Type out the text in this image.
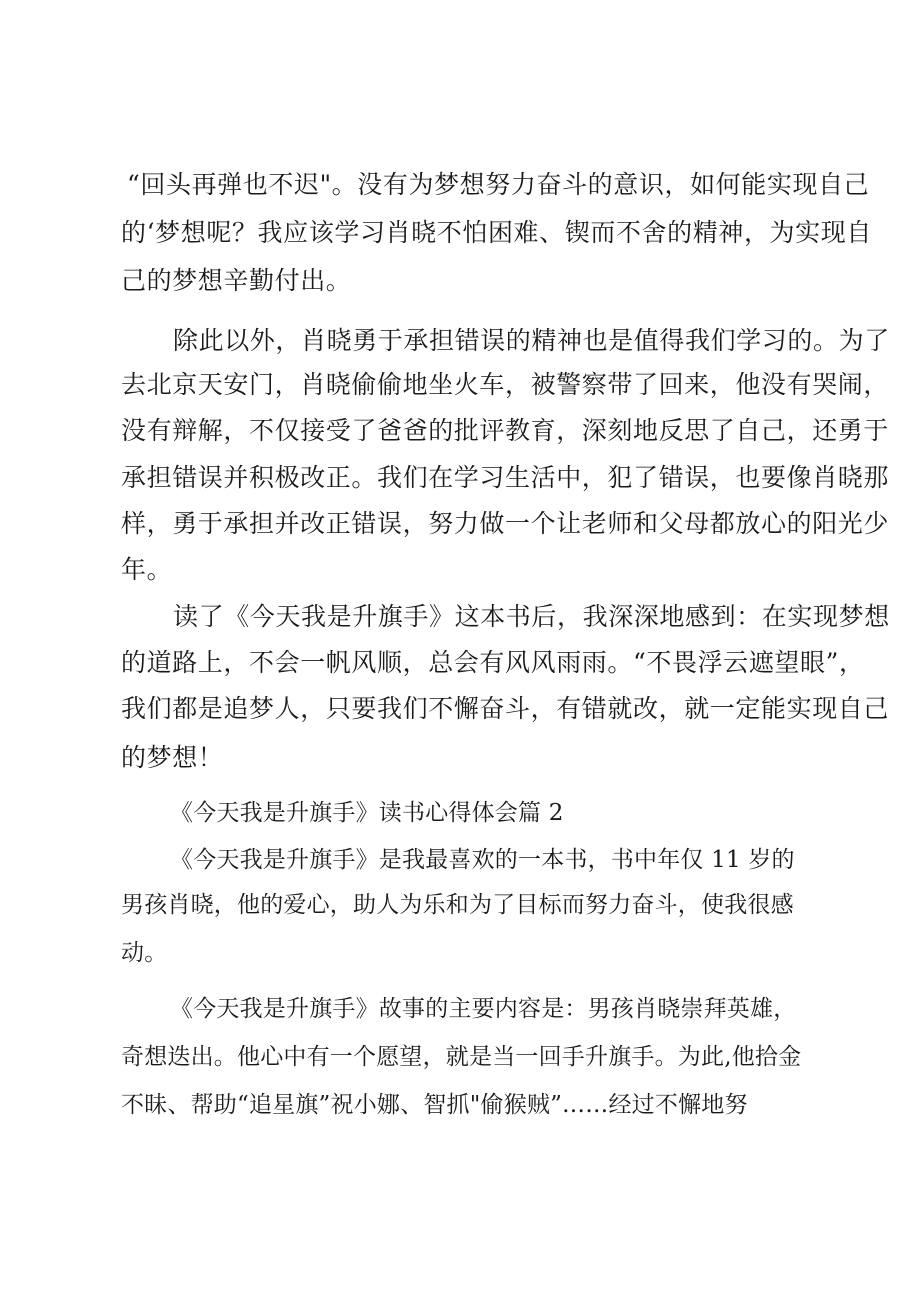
“回头再弹也不迟"。没有为梦想努力奋斗的意识，如何能实现自己
的‘梦想呢？我应该学习肖晓不怕困难、锲而不舍的精神，为实现自
己的梦想辛勤付出。
除此以外，肖晓勇于承担错误的精神也是值得我们学习的。为了
去北京天安门，肖晓偷偷地坐火车，被警察带了回来，他没有哭闹，
没有辩解，不仅接受了爸爸的批评教育，深刻地反思了自己，还勇于
承担错误并积极改正。我们在学习生活中，犯了错误，也要像肖晓那
样，勇于承担并改正错误，努力做一个让老师和父母都放心的阳光少
年。
读了《今天我是升旗手》这本书后，我深深地感到：在实现梦想
的道路上，不会一帆风顺，总会有风风雨雨。“不畏浮云遮望眼”，
我们都是追梦人，只要我们不懈奋斗，有错就改，就一定能实现自己
的梦想！
《今天我是升旗手》读书心得体会篇 2
《今天我是升旗手》是我最喜欢的一本书，书中年仅 11 岁的
男孩肖晓，他的爱心，助人为乐和为了目标而努力奋斗，使我很感
动。
《今天我是升旗手》故事的主要内容是：男孩肖晓崇拜英雄，
奇想迭出。他心中有一个愿望，就是当一回手升旗手。为此,他拾金
不昧、帮助“追星旗”祝小娜、智抓"偷猴贼”……经过不懈地努
